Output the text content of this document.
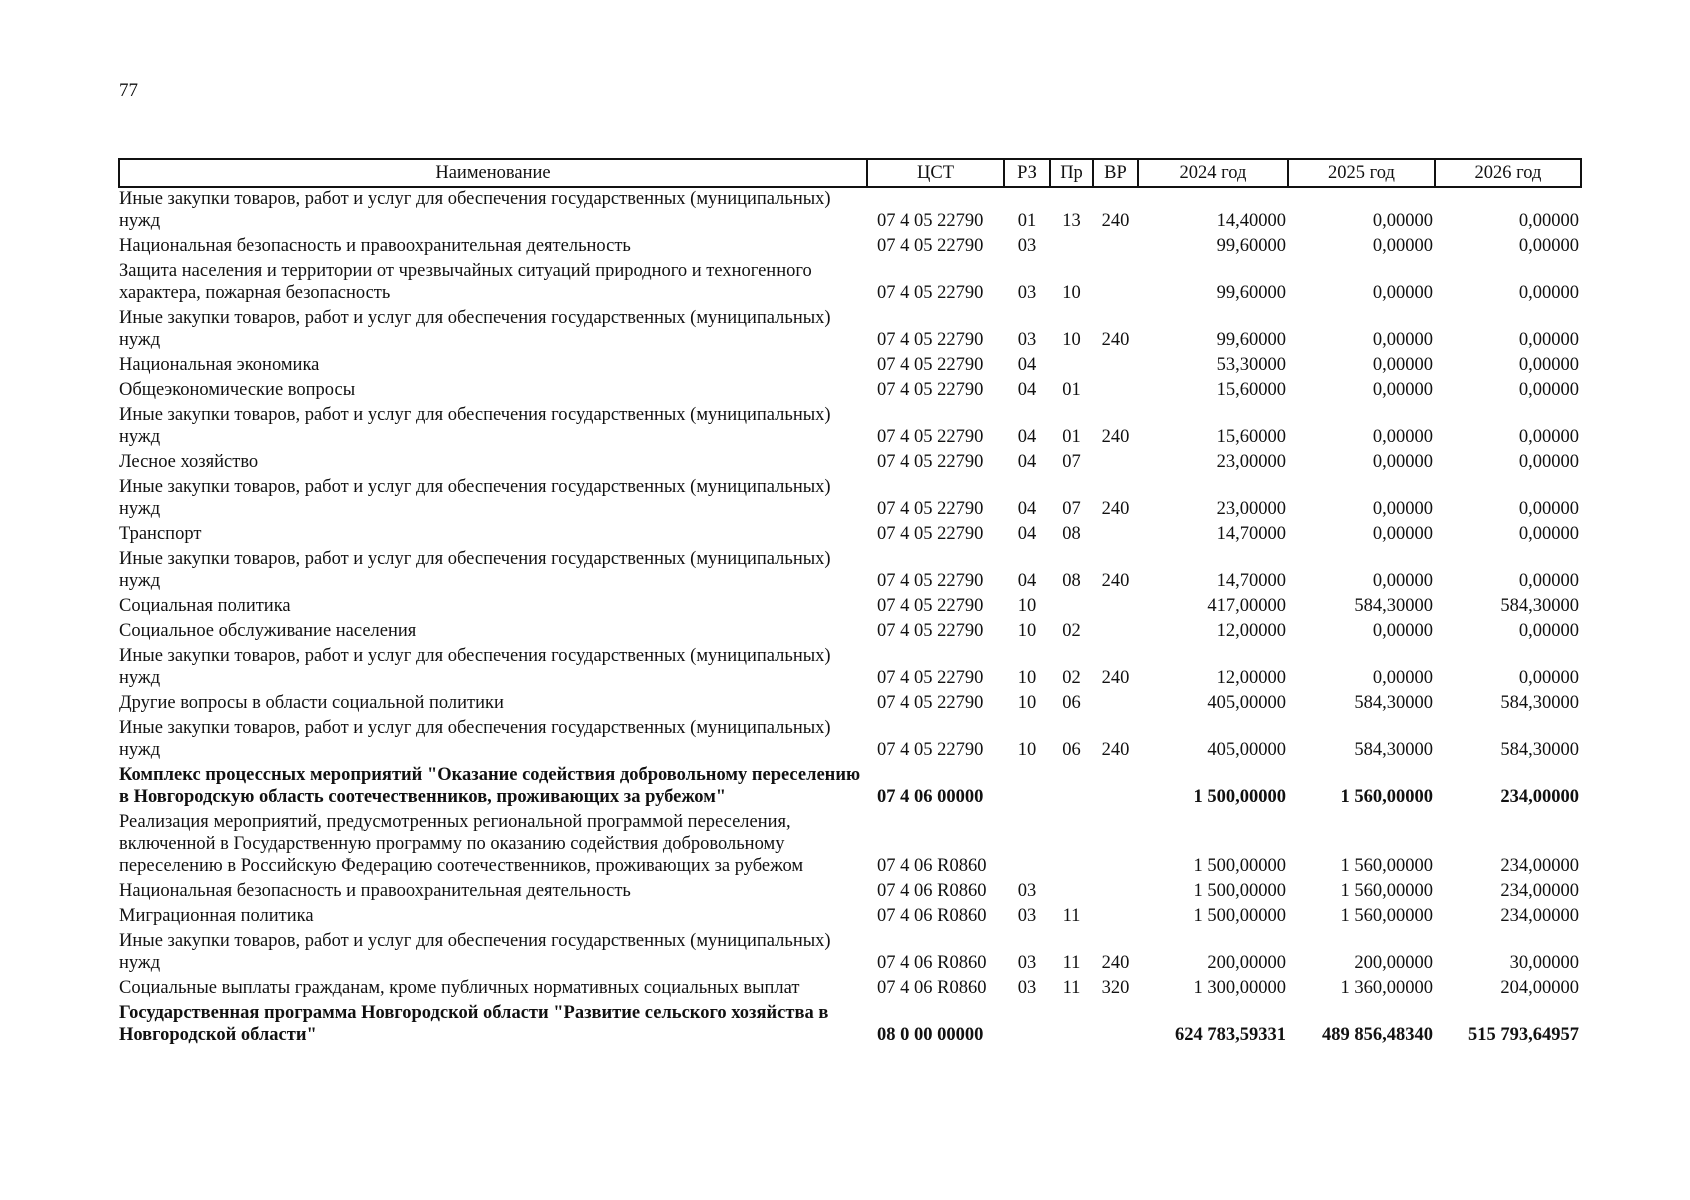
77
Наименование	ЦСТ	РЗ	Пр	ВР	2024 год	2025 год	2026 год
Иные закупки товаров, работ и услуг для обеспечения государственных (муниципальных) нужд	07 4 05 22790	01	13	240	14,40000	0,00000	0,00000
Национальная безопасность и правоохранительная деятельность	07 4 05 22790	03			99,60000	0,00000	0,00000
Защита населения и территории от чрезвычайных ситуаций природного и техногенного характера, пожарная безопасность	07 4 05 22790	03	10		99,60000	0,00000	0,00000
Иные закупки товаров, работ и услуг для обеспечения государственных (муниципальных) нужд	07 4 05 22790	03	10	240	99,60000	0,00000	0,00000
Национальная экономика	07 4 05 22790	04			53,30000	0,00000	0,00000
Общеэкономические вопросы	07 4 05 22790	04	01		15,60000	0,00000	0,00000
Иные закупки товаров, работ и услуг для обеспечения государственных (муниципальных) нужд	07 4 05 22790	04	01	240	15,60000	0,00000	0,00000
Лесное хозяйство	07 4 05 22790	04	07		23,00000	0,00000	0,00000
Иные закупки товаров, работ и услуг для обеспечения государственных (муниципальных) нужд	07 4 05 22790	04	07	240	23,00000	0,00000	0,00000
Транспорт	07 4 05 22790	04	08		14,70000	0,00000	0,00000
Иные закупки товаров, работ и услуг для обеспечения государственных (муниципальных) нужд	07 4 05 22790	04	08	240	14,70000	0,00000	0,00000
Социальная политика	07 4 05 22790	10			417,00000	584,30000	584,30000
Социальное обслуживание населения	07 4 05 22790	10	02		12,00000	0,00000	0,00000
Иные закупки товаров, работ и услуг для обеспечения государственных (муниципальных) нужд	07 4 05 22790	10	02	240	12,00000	0,00000	0,00000
Другие вопросы в области социальной политики	07 4 05 22790	10	06		405,00000	584,30000	584,30000
Иные закупки товаров, работ и услуг для обеспечения государственных (муниципальных) нужд	07 4 05 22790	10	06	240	405,00000	584,30000	584,30000
Комплекс процессных мероприятий "Оказание содействия добровольному переселению в Новгородскую область соотечественников, проживающих за рубежом"	07 4 06 00000				1 500,00000	1 560,00000	234,00000
Реализация мероприятий, предусмотренных региональной программой переселения, включенной в Государственную программу по оказанию содействия добровольному переселению в Российскую Федерацию соотечественников, проживающих за рубежом	07 4 06 R0860				1 500,00000	1 560,00000	234,00000
Национальная безопасность и правоохранительная деятельность	07 4 06 R0860	03			1 500,00000	1 560,00000	234,00000
Миграционная политика	07 4 06 R0860	03	11		1 500,00000	1 560,00000	234,00000
Иные закупки товаров, работ и услуг для обеспечения государственных (муниципальных) нужд	07 4 06 R0860	03	11	240	200,00000	200,00000	30,00000
Социальные выплаты гражданам, кроме публичных нормативных социальных выплат	07 4 06 R0860	03	11	320	1 300,00000	1 360,00000	204,00000
Государственная программа Новгородской области "Развитие сельского хозяйства в Новгородской области"	08 0 00 00000				624 783,59331	489 856,48340	515 793,64957
